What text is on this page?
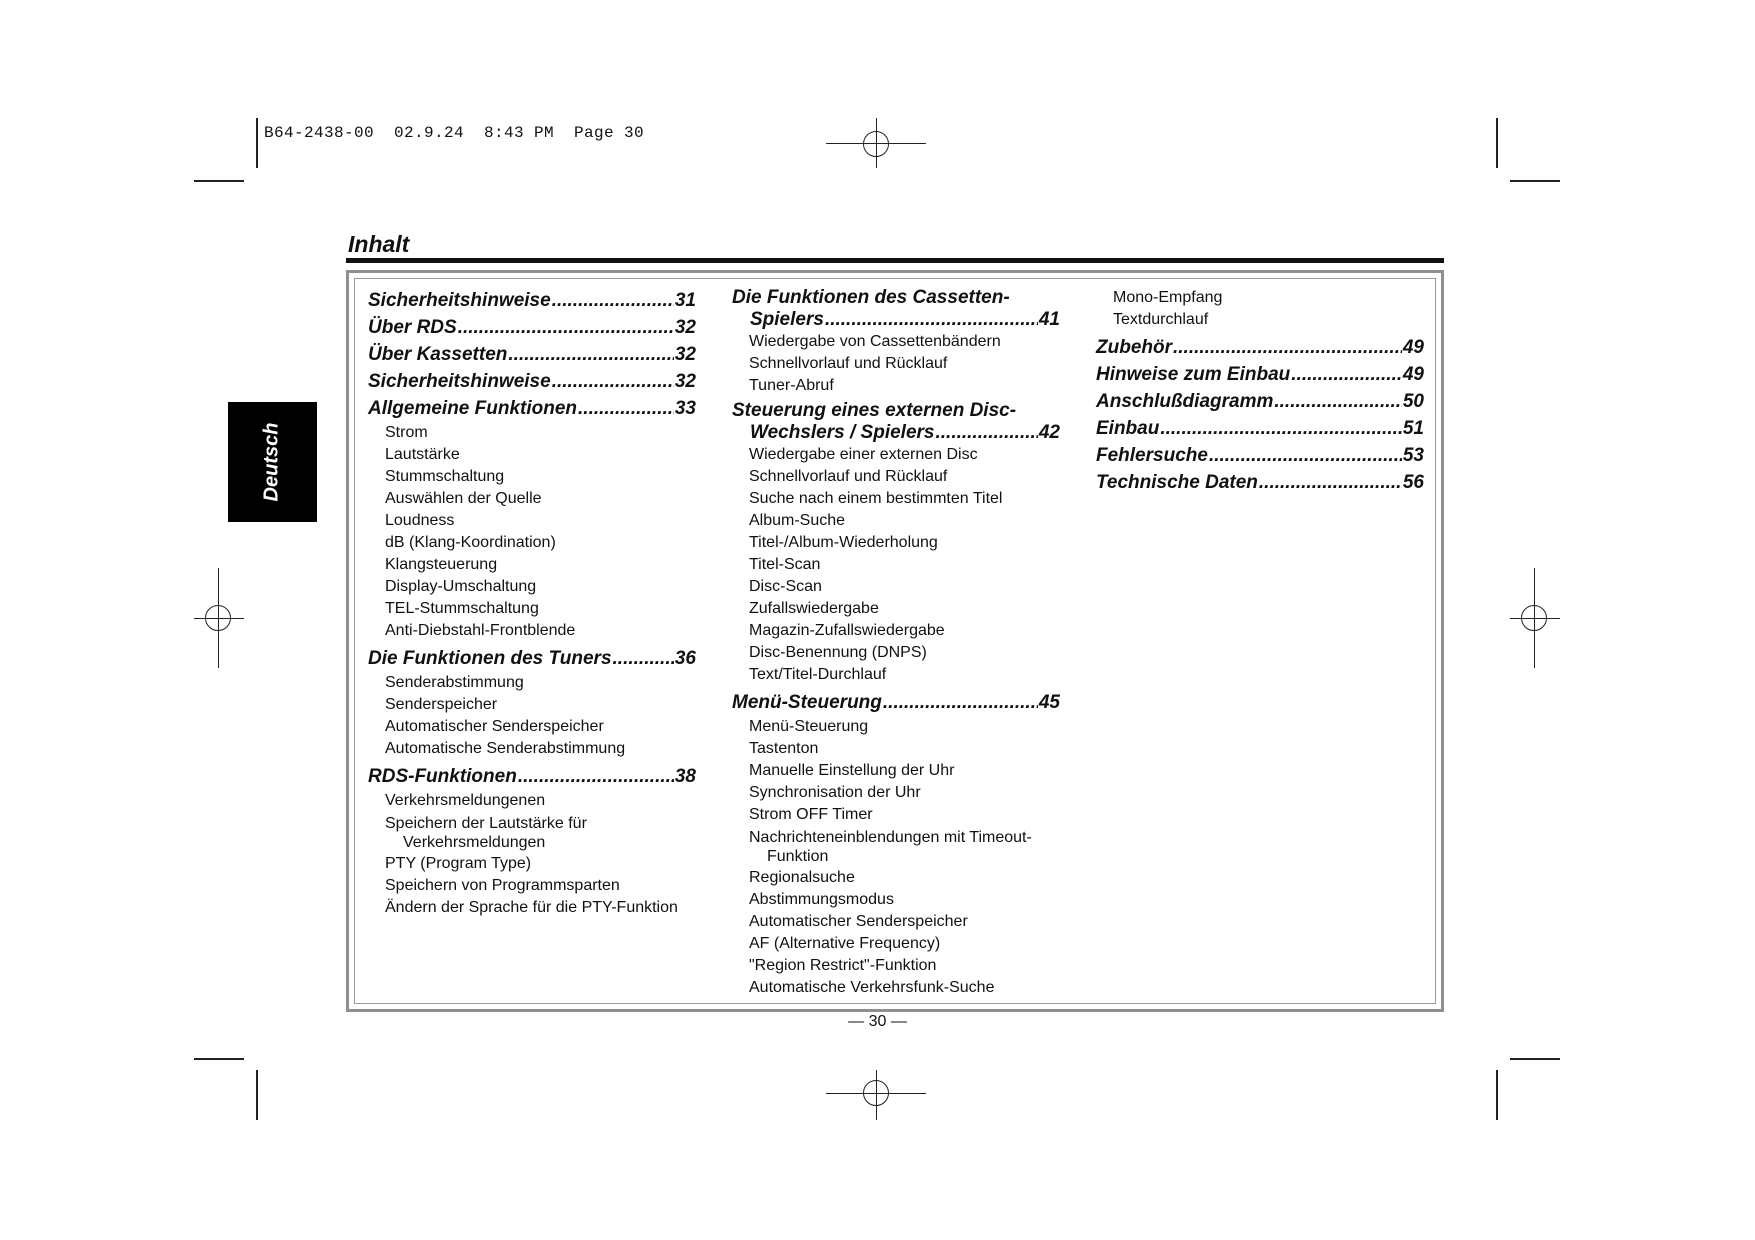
B64-2438-00  02.9.24  8:43 PM  Page 30
Inhalt
Deutsch
Sicherheitshinweise .....	31
Über RDS .....	32
Über Kassetten .....	32
Sicherheitshinweise .....	32
Allgemeine Funktionen .....	33
Strom
Lautstärke
Stummschaltung
Auswählen der Quelle
Loudness
dB (Klang-Koordination)
Klangsteuerung
Display-Umschaltung
TEL-Stummschaltung
Anti-Diebstahl-Frontblende
Die Funktionen des Tuners .....	36
Senderabstimmung
Senderspeicher
Automatischer Senderspeicher
Automatische Senderabstimmung
RDS-Funktionen .....	38
Verkehrsmeldungenen
Speichern der Lautstärke für
Verkehrsmeldungen
PTY (Program Type)
Speichern von Programmsparten
Ändern der Sprache für die PTY-Funktion
Die Funktionen des Cassetten-
Spielers .....	41
Wiedergabe von Cassettenbändern
Schnellvorlauf und Rücklauf
Tuner-Abruf
Steuerung eines externen Disc-
Wechslers / Spielers .....	42
Wiedergabe einer externen Disc
Schnellvorlauf und Rücklauf
Suche nach einem bestimmten Titel
Album-Suche
Titel-/Album-Wiederholung
Titel-Scan
Disc-Scan
Zufallswiedergabe
Magazin-Zufallswiedergabe
Disc-Benennung (DNPS)
Text/Titel-Durchlauf
Menü-Steuerung .....	45
Menü-Steuerung
Tastenton
Manuelle Einstellung der Uhr
Synchronisation der Uhr
Strom OFF Timer
Nachrichteneinblendungen mit Timeout-
Funktion
Regionalsuche
Abstimmungsmodus
Automatischer Senderspeicher
AF (Alternative Frequency)
"Region Restrict"-Funktion
Automatische Verkehrsfunk-Suche
Mono-Empfang
Textdurchlauf
Zubehör .....	49
Hinweise zum Einbau .....	49
Anschlußdiagramm .....	50
Einbau .....	51
Fehlersuche .....	53
Technische Daten .....	56
— 30 —
